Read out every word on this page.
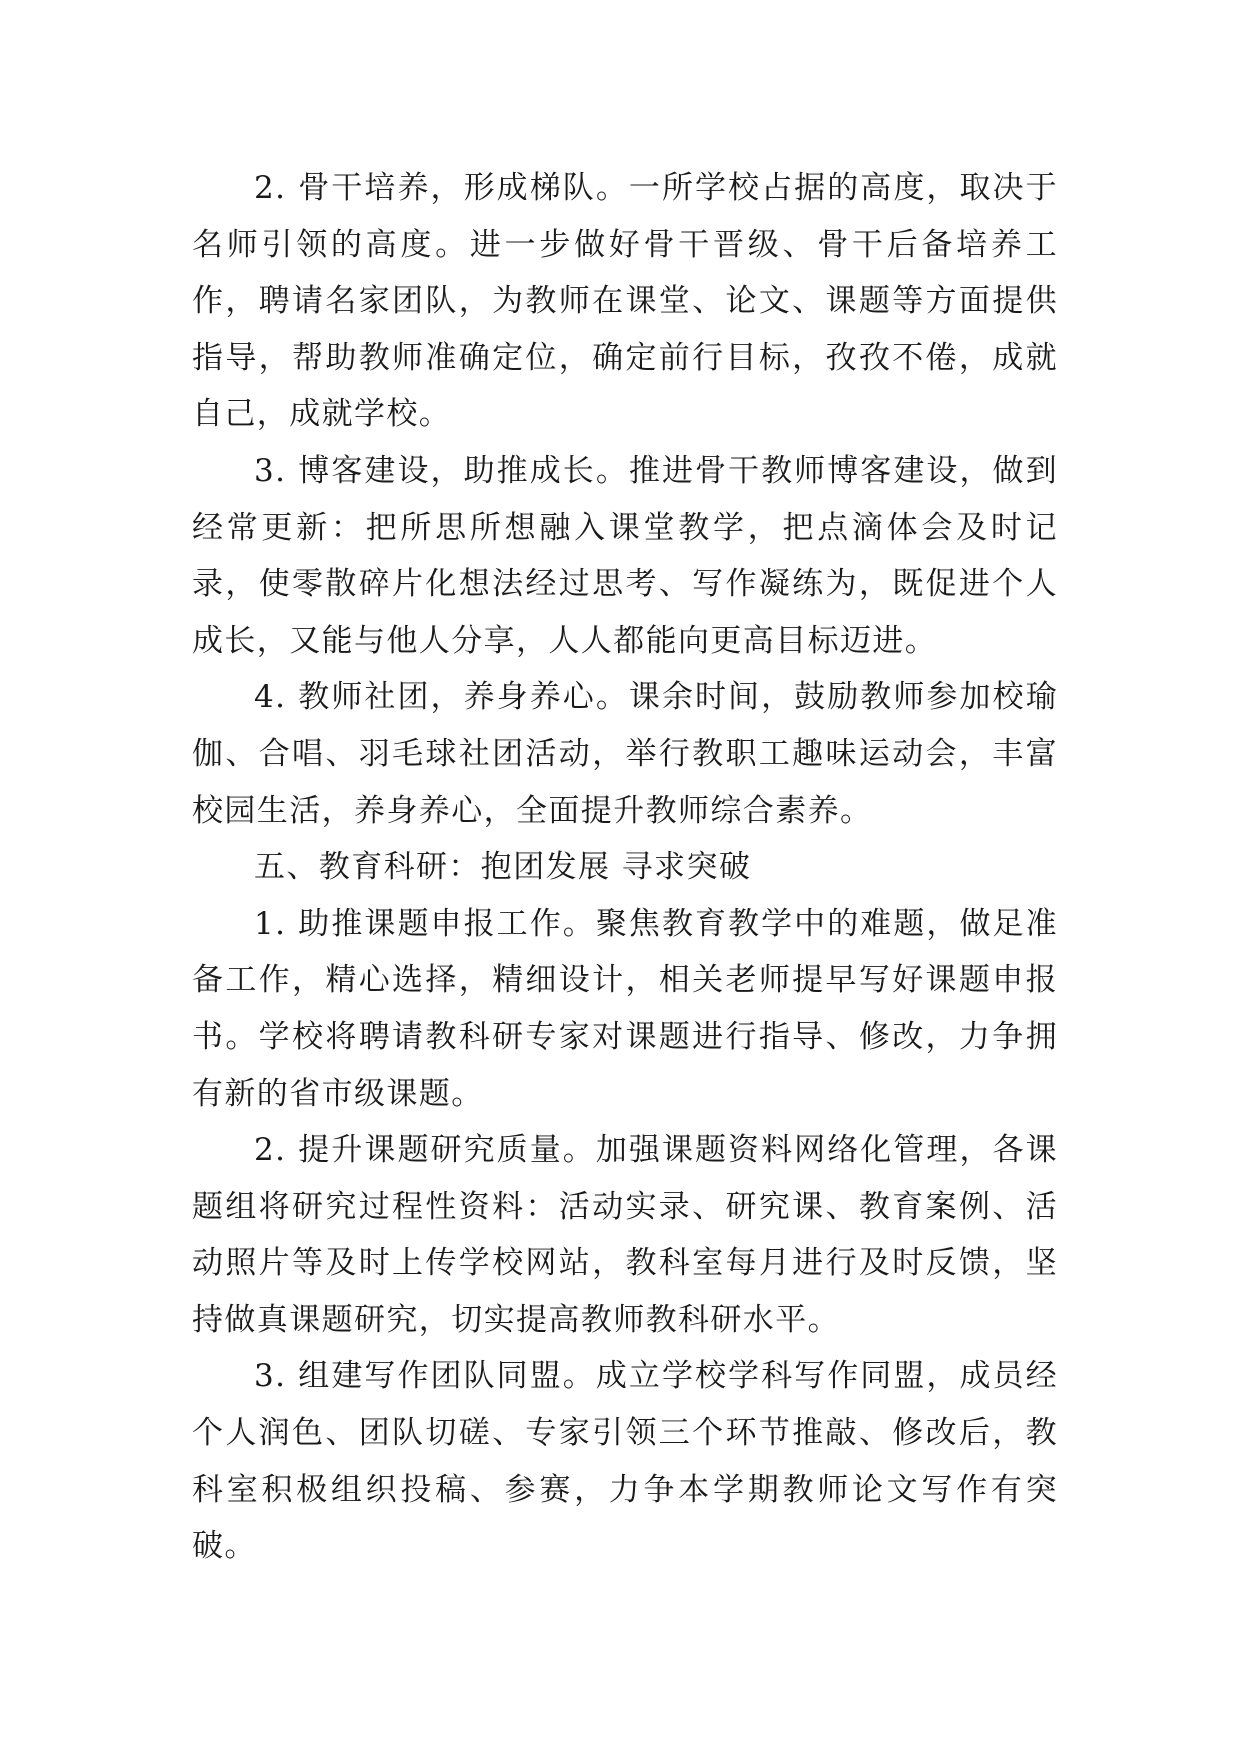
2. 骨干培养，形成梯队。一所学校占据的高度，取决于名师引领的高度。进一步做好骨干晋级、骨干后备培养工作，聘请名家团队，为教师在课堂、论文、课题等方面提供指导，帮助教师准确定位，确定前行目标，孜孜不倦，成就自己，成就学校。

3. 博客建设，助推成长。推进骨干教师博客建设，做到经常更新：把所思所想融入课堂教学，把点滴体会及时记录，使零散碎片化想法经过思考、写作凝练为，既促进个人成长，又能与他人分享，人人都能向更高目标迈进。

4. 教师社团，养身养心。课余时间，鼓励教师参加校瑜伽、合唱、羽毛球社团活动，举行教职工趣味运动会，丰富校园生活，养身养心，全面提升教师综合素养。

五、教育科研：抱团发展 寻求突破

1. 助推课题申报工作。聚焦教育教学中的难题，做足准备工作，精心选择，精细设计，相关老师提早写好课题申报书。学校将聘请教科研专家对课题进行指导、修改，力争拥有新的省市级课题。

2. 提升课题研究质量。加强课题资料网络化管理，各课题组将研究过程性资料：活动实录、研究课、教育案例、活动照片等及时上传学校网站，教科室每月进行及时反馈，坚持做真课题研究，切实提高教师教科研水平。

3. 组建写作团队同盟。成立学校学科写作同盟，成员经个人润色、团队切磋、专家引领三个环节推敲、修改后，教科室积极组织投稿、参赛，力争本学期教师论文写作有突破。
